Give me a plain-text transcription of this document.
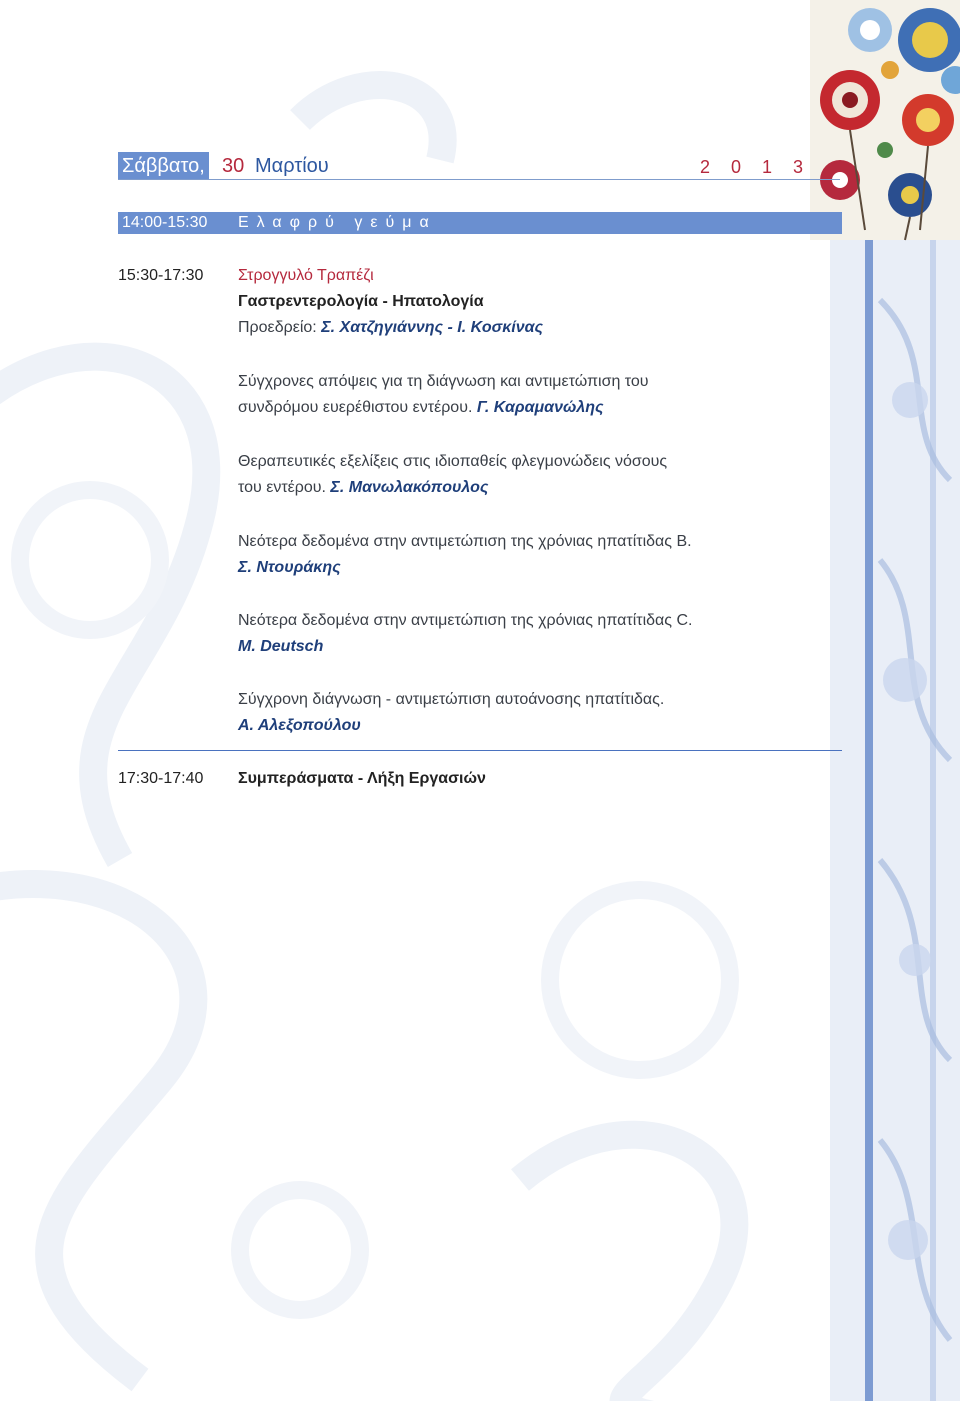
Σάββατο, 30 Μαρτίου	2 0 1 3
14:00-15:30 Ελαφρύ γεύμα
15:30-17:30 Στρογγυλό Τραπέζι
Γαστρεντερολογία - Ηπατολογία
Προεδρείο: Σ. Χατζηγιάννης - Ι. Κοσκίνας
Σύγχρονες απόψεις για τη διάγνωση και αντιμετώπιση του
συνδρόμου ευερέθιστου εντέρου. Γ. Καραμανώλης
Θεραπευτικές εξελίξεις στις ιδιοπαθείς φλεγμονώδεις νόσους
του εντέρου. Σ. Μανωλακόπουλος
Νεότερα δεδομένα στην αντιμετώπιση της χρόνιας ηπατίτιδας Β.
Σ. Ντουράκης
Νεότερα δεδομένα στην αντιμετώπιση της χρόνιας ηπατίτιδας C.
M. Deutsch
Σύγχρονη διάγνωση - αντιμετώπιση αυτοάνοσης ηπατίτιδας.
Α. Αλεξοπούλου
17:30-17:40 Συμπεράσματα - Λήξη Εργασιών
